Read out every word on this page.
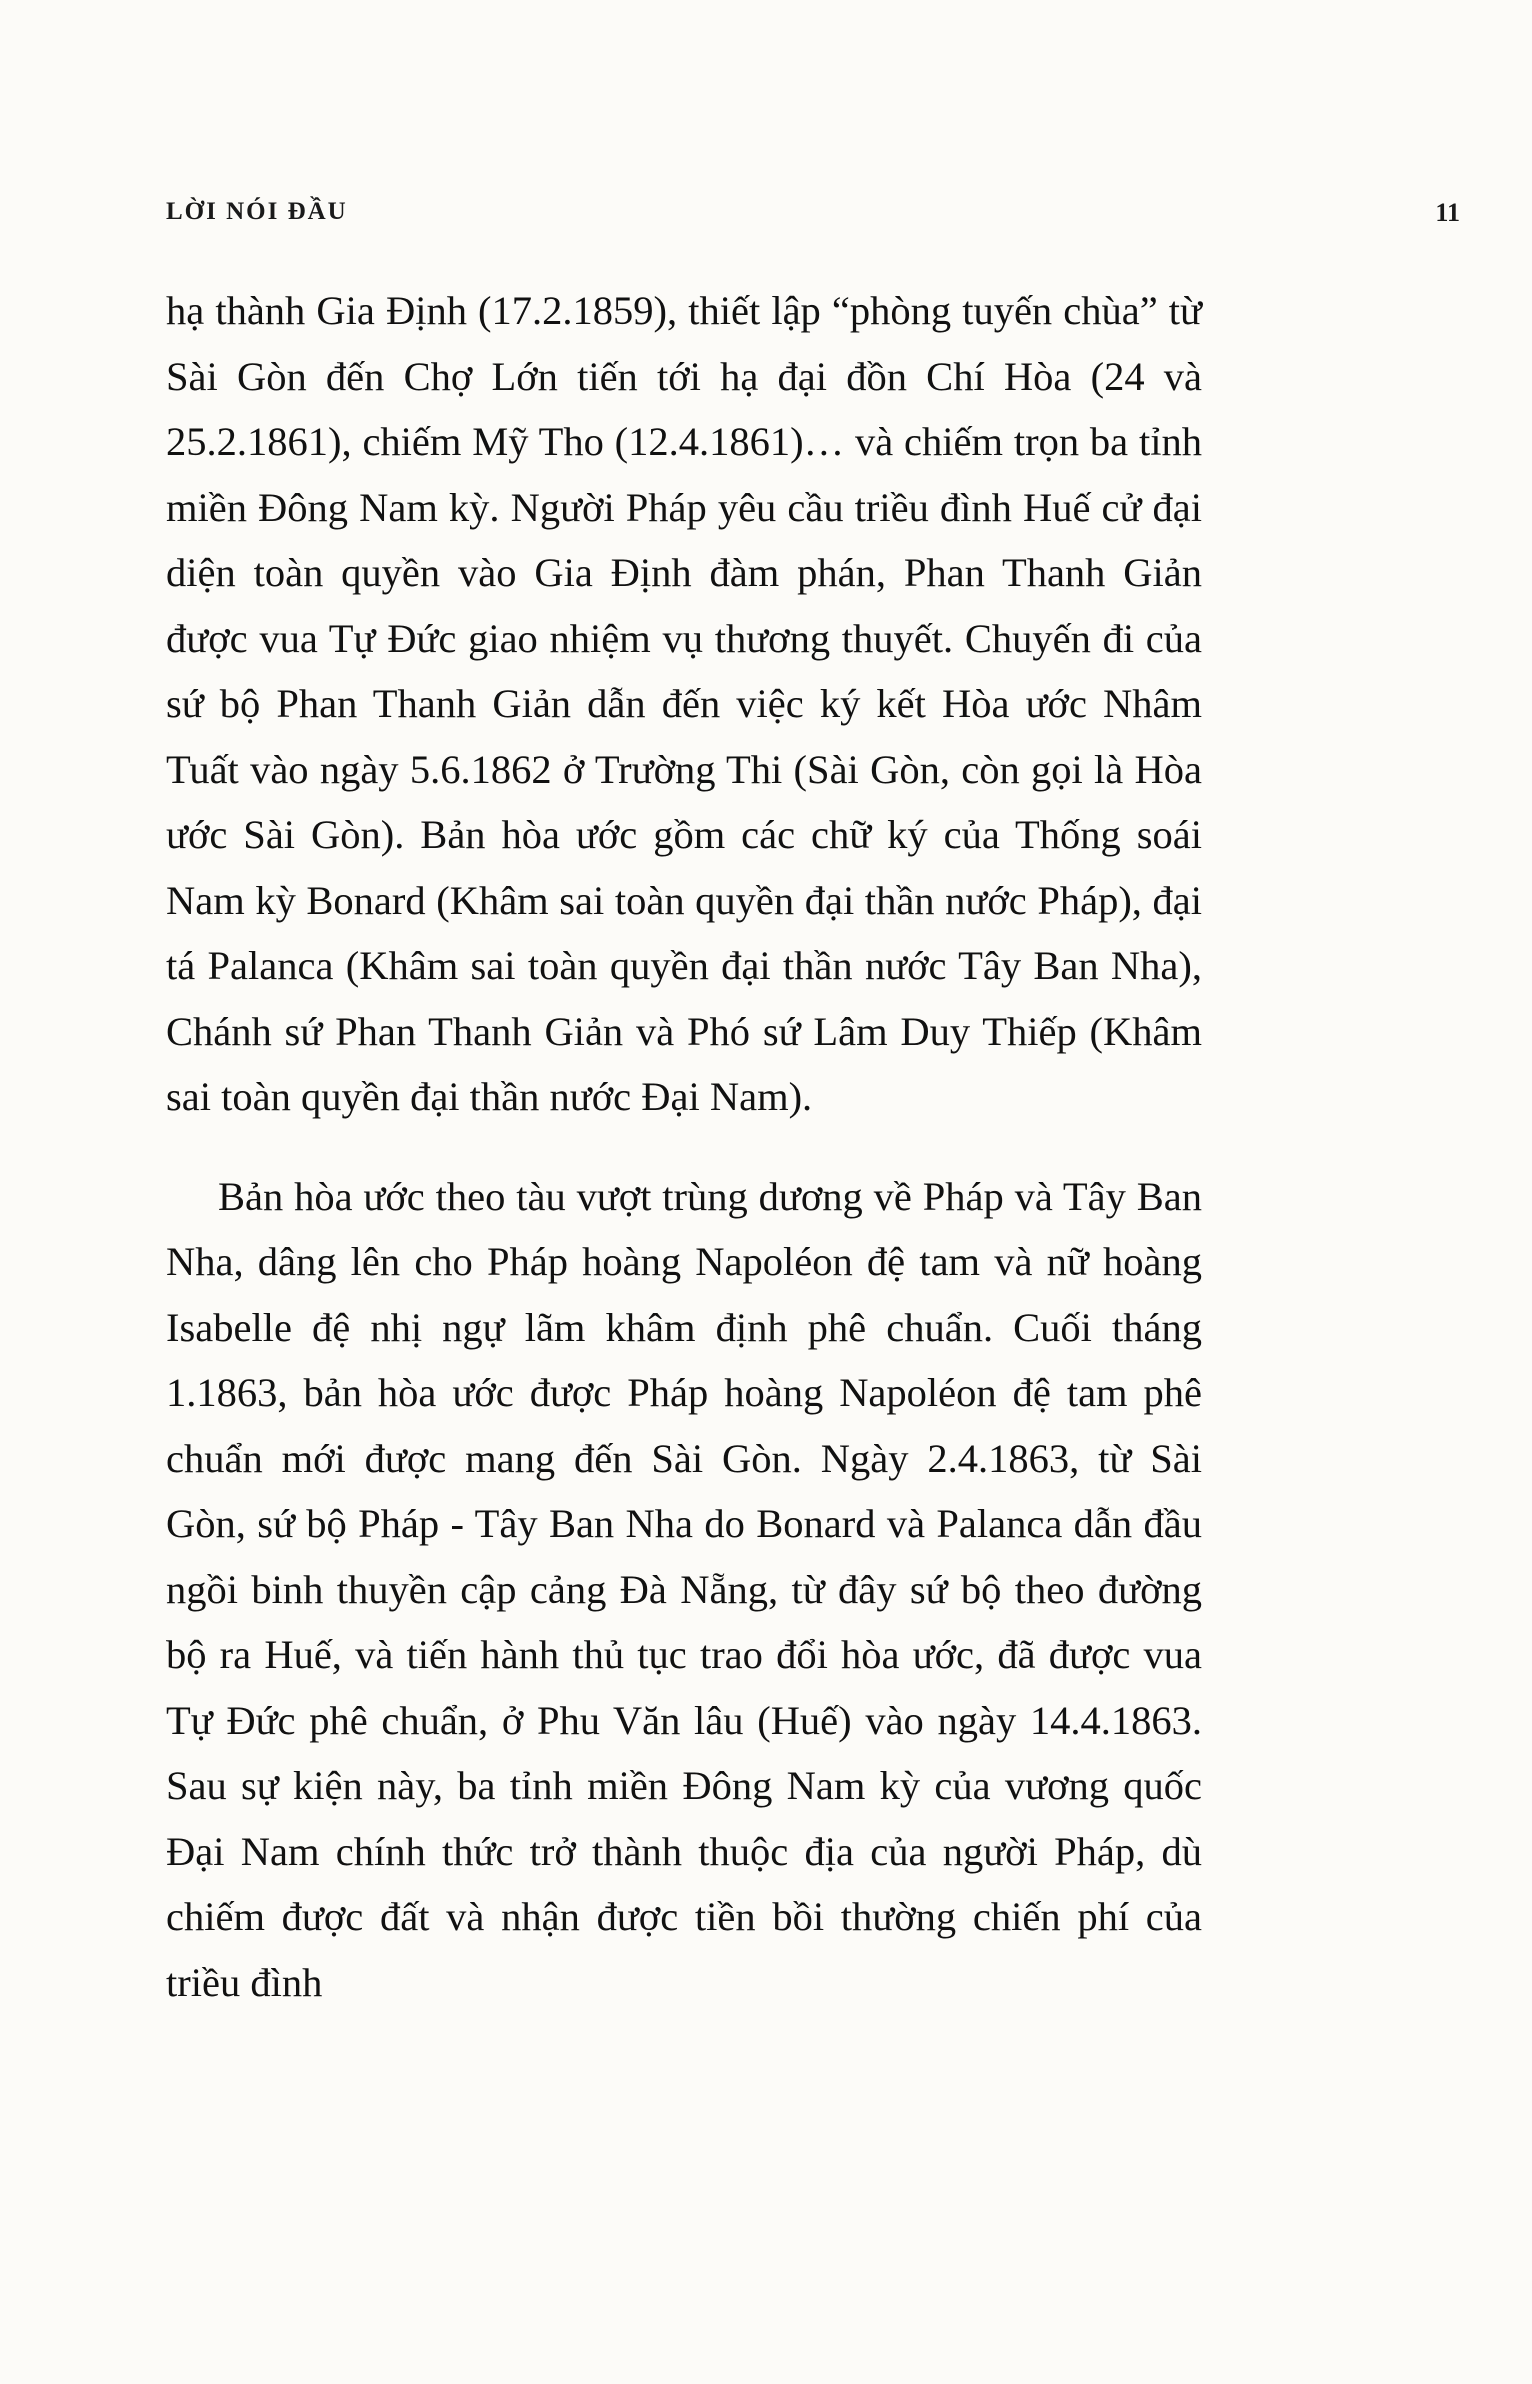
LỜI NÓI ĐẦU	11

hạ thành Gia Định (17.2.1859), thiết lập “phòng tuyến chùa” từ Sài Gòn đến Chợ Lớn tiến tới hạ đại đồn Chí Hòa (24 và 25.2.1861), chiếm Mỹ Tho (12.4.1861)… và chiếm trọn ba tỉnh miền Đông Nam kỳ. Người Pháp yêu cầu triều đình Huế cử đại diện toàn quyền vào Gia Định đàm phán, Phan Thanh Giản được vua Tự Đức giao nhiệm vụ thương thuyết. Chuyến đi của sứ bộ Phan Thanh Giản dẫn đến việc ký kết Hòa ước Nhâm Tuất vào ngày 5.6.1862 ở Trường Thi (Sài Gòn, còn gọi là Hòa ước Sài Gòn). Bản hòa ước gồm các chữ ký của Thống soái Nam kỳ Bonard (Khâm sai toàn quyền đại thần nước Pháp), đại tá Palanca (Khâm sai toàn quyền đại thần nước Tây Ban Nha), Chánh sứ Phan Thanh Giản và Phó sứ Lâm Duy Thiếp (Khâm sai toàn quyền đại thần nước Đại Nam).

Bản hòa ước theo tàu vượt trùng dương về Pháp và Tây Ban Nha, dâng lên cho Pháp hoàng Napoléon đệ tam và nữ hoàng Isabelle đệ nhị ngự lãm khâm định phê chuẩn. Cuối tháng 1.1863, bản hòa ước được Pháp hoàng Napoléon đệ tam phê chuẩn mới được mang đến Sài Gòn. Ngày 2.4.1863, từ Sài Gòn, sứ bộ Pháp - Tây Ban Nha do Bonard và Palanca dẫn đầu ngồi binh thuyền cập cảng Đà Nẵng, từ đây sứ bộ theo đường bộ ra Huế, và tiến hành thủ tục trao đổi hòa ước, đã được vua Tự Đức phê chuẩn, ở Phu Văn lâu (Huế) vào ngày 14.4.1863. Sau sự kiện này, ba tỉnh miền Đông Nam kỳ của vương quốc Đại Nam chính thức trở thành thuộc địa của người Pháp, dù chiếm được đất và nhận được tiền bồi thường chiến phí của triều đình
